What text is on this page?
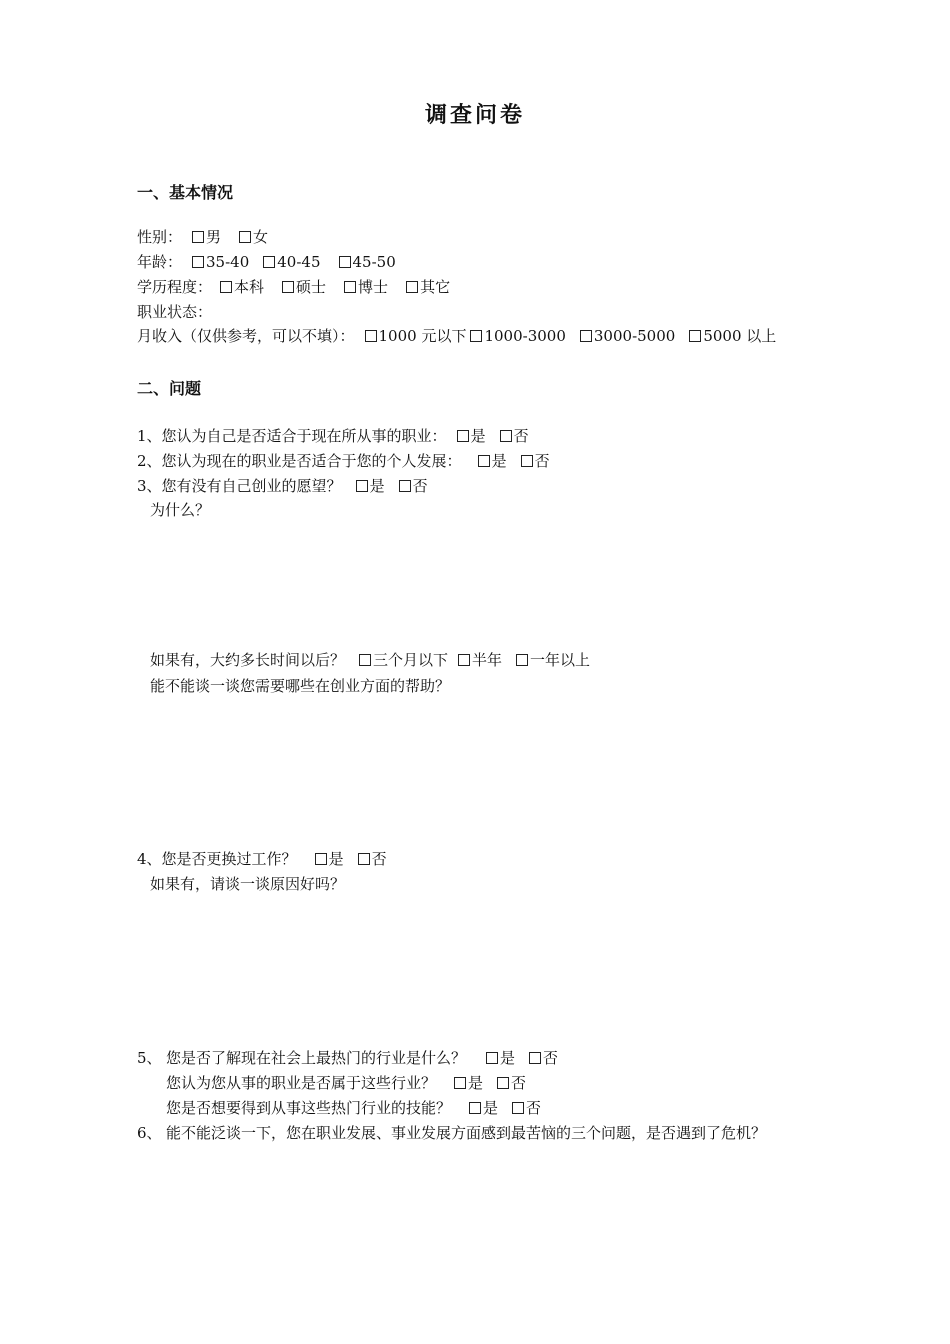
调查问卷
一、基本情况
性别： 男 女
年龄： 35-40 40-45 45-50
学历程度： 本科 硕士 博士 其它
职业状态：
月收入（仅供参考，可以不填）： 1000 元以下 1000-3000 3000-5000 5000 以上
二、问题
1、您认为自己是否适合于现在所从事的职业： 是 否
2、您认为现在的职业是否适合于您的个人发展： 是 否
3、您有没有自己创业的愿望？ 是 否
为什么？
如果有，大约多长时间以后？ 三个月以下 半年 一年以上
能不能谈一谈您需要哪些在创业方面的帮助？
4、您是否更换过工作？ 是 否
如果有，请谈一谈原因好吗？
5、 您是否了解现在社会上最热门的行业是什么？ 是 否
您认为您从事的职业是否属于这些行业？ 是 否
您是否想要得到从事这些热门行业的技能？ 是 否
6、 能不能泛谈一下，您在职业发展、事业发展方面感到最苦恼的三个问题，是否遇到了危机？
